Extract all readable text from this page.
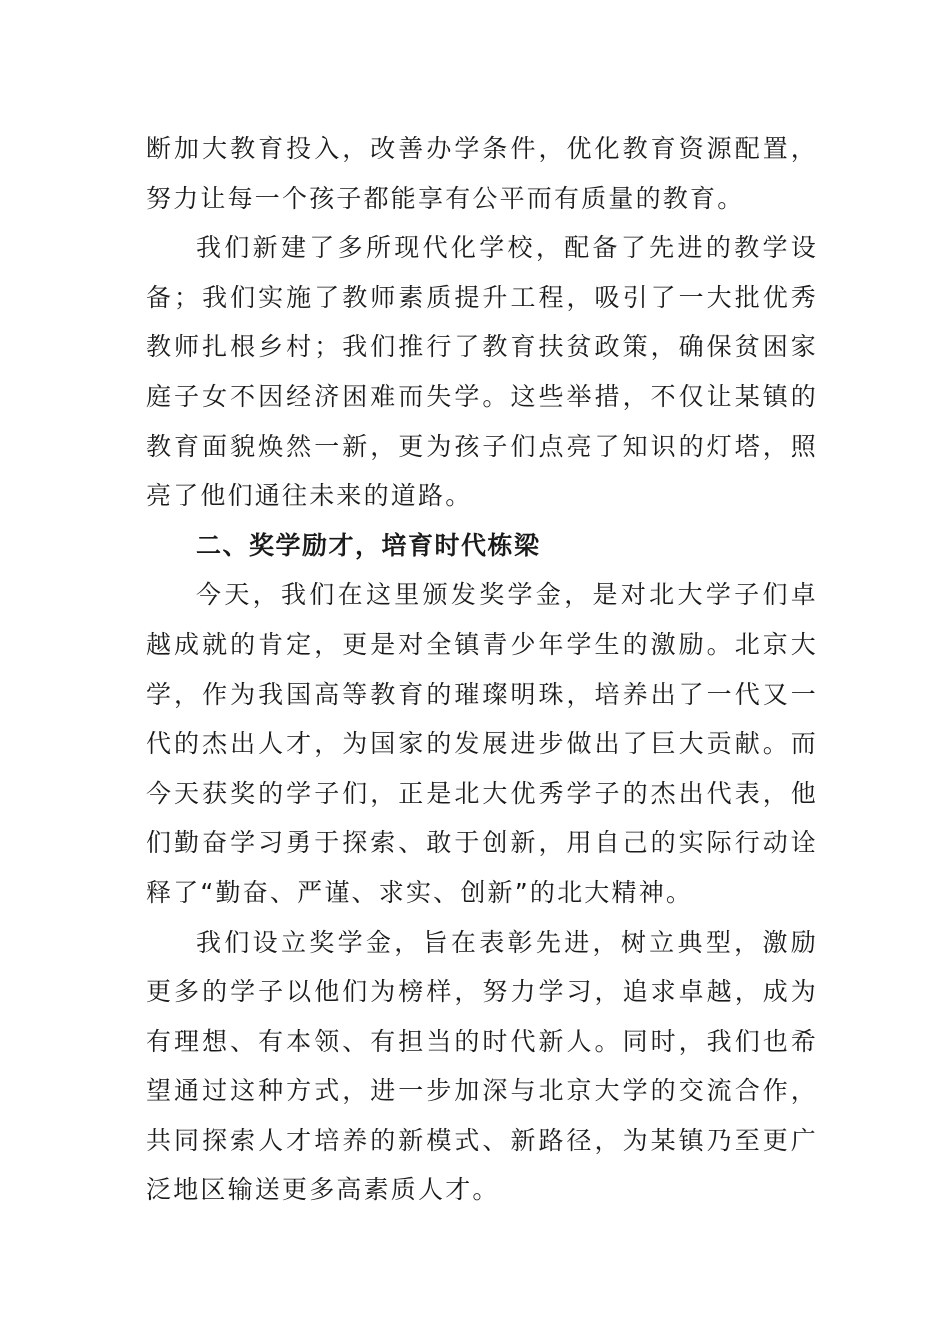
断加大教育投入，改善办学条件，优化教育资源配置，努力让每一个孩子都能享有公平而有质量的教育。

我们新建了多所现代化学校，配备了先进的教学设备；我们实施了教师素质提升工程，吸引了一大批优秀教师扎根乡村；我们推行了教育扶贫政策，确保贫困家庭子女不因经济困难而失学。这些举措，不仅让某镇的教育面貌焕然一新，更为孩子们点亮了知识的灯塔，照亮了他们通往未来的道路。

二、奖学励才，培育时代栋梁

今天，我们在这里颁发奖学金，是对北大学子们卓越成就的肯定，更是对全镇青少年学生的激励。北京大学，作为我国高等教育的璀璨明珠，培养出了一代又一代的杰出人才，为国家的发展进步做出了巨大贡献。而今天获奖的学子们，正是北大优秀学子的杰出代表，他们勤奋学习勇于探索、敢于创新，用自己的实际行动诠释了“勤奋、严谨、求实、创新”的北大精神。

我们设立奖学金，旨在表彰先进，树立典型，激励更多的学子以他们为榜样，努力学习，追求卓越，成为有理想、有本领、有担当的时代新人。同时，我们也希望通过这种方式，进一步加深与北京大学的交流合作，共同探索人才培养的新模式、新路径，为某镇乃至更广泛地区输送更多高素质人才。
